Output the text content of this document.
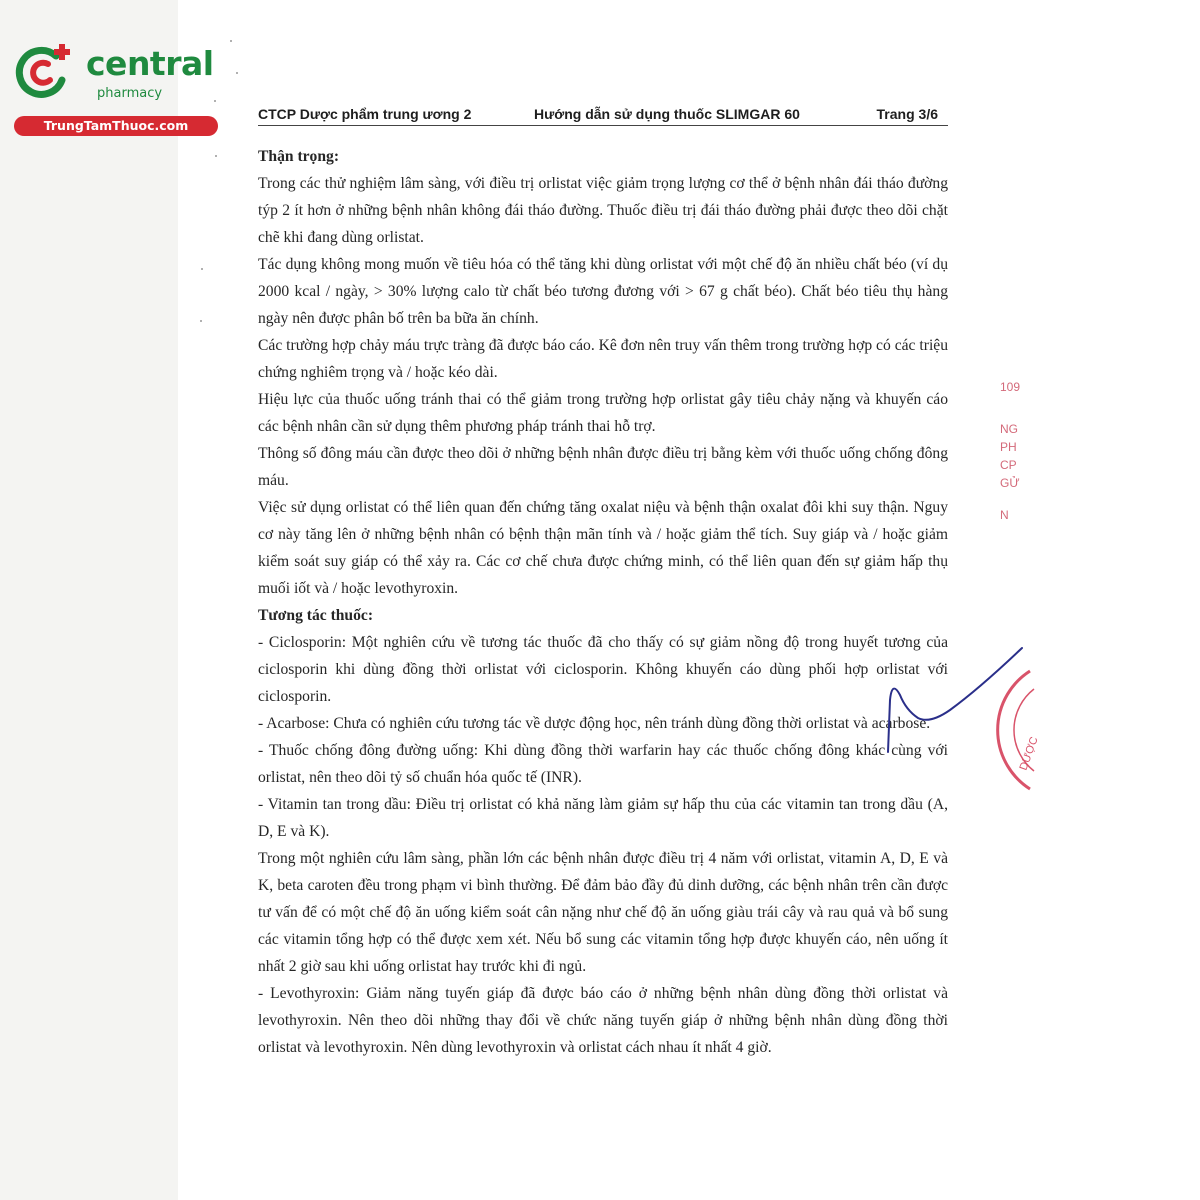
central
pharmacy
TrungTamThuoc.com
CTCP Dược phẩm trung ương 2	Hướng dẫn sử dụng thuốc SLIMGAR 60	Trang 3/6

Thận trọng:

Trong các thử nghiệm lâm sàng, với điều trị orlistat việc giảm trọng lượng cơ thể ở bệnh nhân đái tháo đường týp 2 ít hơn ở những bệnh nhân không đái tháo đường. Thuốc điều trị đái tháo đường phải được theo dõi chặt chẽ khi đang dùng orlistat.

Tác dụng không mong muốn về tiêu hóa có thể tăng khi dùng orlistat với một chế độ ăn nhiều chất béo (ví dụ 2000 kcal / ngày, > 30% lượng calo từ chất béo tương đương với > 67 g chất béo). Chất béo tiêu thụ hàng ngày nên được phân bố trên ba bữa ăn chính.

Các trường hợp chảy máu trực tràng đã được báo cáo. Kê đơn nên truy vấn thêm trong trường hợp có các triệu chứng nghiêm trọng và / hoặc kéo dài.

Hiệu lực của thuốc uống tránh thai có thể giảm trong trường hợp orlistat gây tiêu chảy nặng và khuyến cáo các bệnh nhân cần sử dụng thêm phương pháp tránh thai hỗ trợ.

Thông số đông máu cần được theo dõi ở những bệnh nhân được điều trị bằng kèm với thuốc uống chống đông máu.

Việc sử dụng orlistat có thể liên quan đến chứng tăng oxalat niệu và bệnh thận oxalat đôi khi suy thận. Nguy cơ này tăng lên ở những bệnh nhân có bệnh thận mãn tính và / hoặc giảm thể tích. Suy giáp và / hoặc giảm kiểm soát suy giáp có thể xảy ra. Các cơ chế chưa được chứng minh, có thể liên quan đến sự giảm hấp thụ muối iốt và / hoặc levothyroxin.

Tương tác thuốc:

- Ciclosporin: Một nghiên cứu về tương tác thuốc đã cho thấy có sự giảm nồng độ trong huyết tương của ciclosporin khi dùng đồng thời orlistat với ciclosporin. Không khuyến cáo dùng phối hợp orlistat với ciclosporin.

- Acarbose: Chưa có nghiên cứu tương tác về dược động học, nên tránh dùng đồng thời orlistat và acarbose.

- Thuốc chống đông đường uống: Khi dùng đồng thời warfarin hay các thuốc chống đông khác cùng với orlistat, nên theo dõi tỷ số chuẩn hóa quốc tế (INR).

- Vitamin tan trong dầu: Điều trị orlistat có khả năng làm giảm sự hấp thu của các vitamin tan trong dầu (A, D, E và K).

Trong một nghiên cứu lâm sàng, phần lớn các bệnh nhân được điều trị 4 năm với orlistat, vitamin A, D, E và K, beta caroten đều trong phạm vi bình thường. Để đảm bảo đầy đủ dinh dưỡng, các bệnh nhân trên cần được tư vấn để có một chế độ ăn uống kiểm soát cân nặng như chế độ ăn uống giàu trái cây và rau quả và bổ sung các vitamin tổng hợp có thể được xem xét. Nếu bổ sung các vitamin tổng hợp được khuyến cáo, nên uống ít nhất 2 giờ sau khi uống orlistat hay trước khi đi ngủ.

- Levothyroxin: Giảm năng tuyến giáp đã được báo cáo ở những bệnh nhân dùng đồng thời orlistat và levothyroxin. Nên theo dõi những thay đổi về chức năng tuyến giáp ở những bệnh nhân dùng đồng thời orlistat và levothyroxin. Nên dùng levothyroxin và orlistat cách nhau ít nhất 4 giờ.

109
NG
PH
CP
GỬ
N
DƯỢC
